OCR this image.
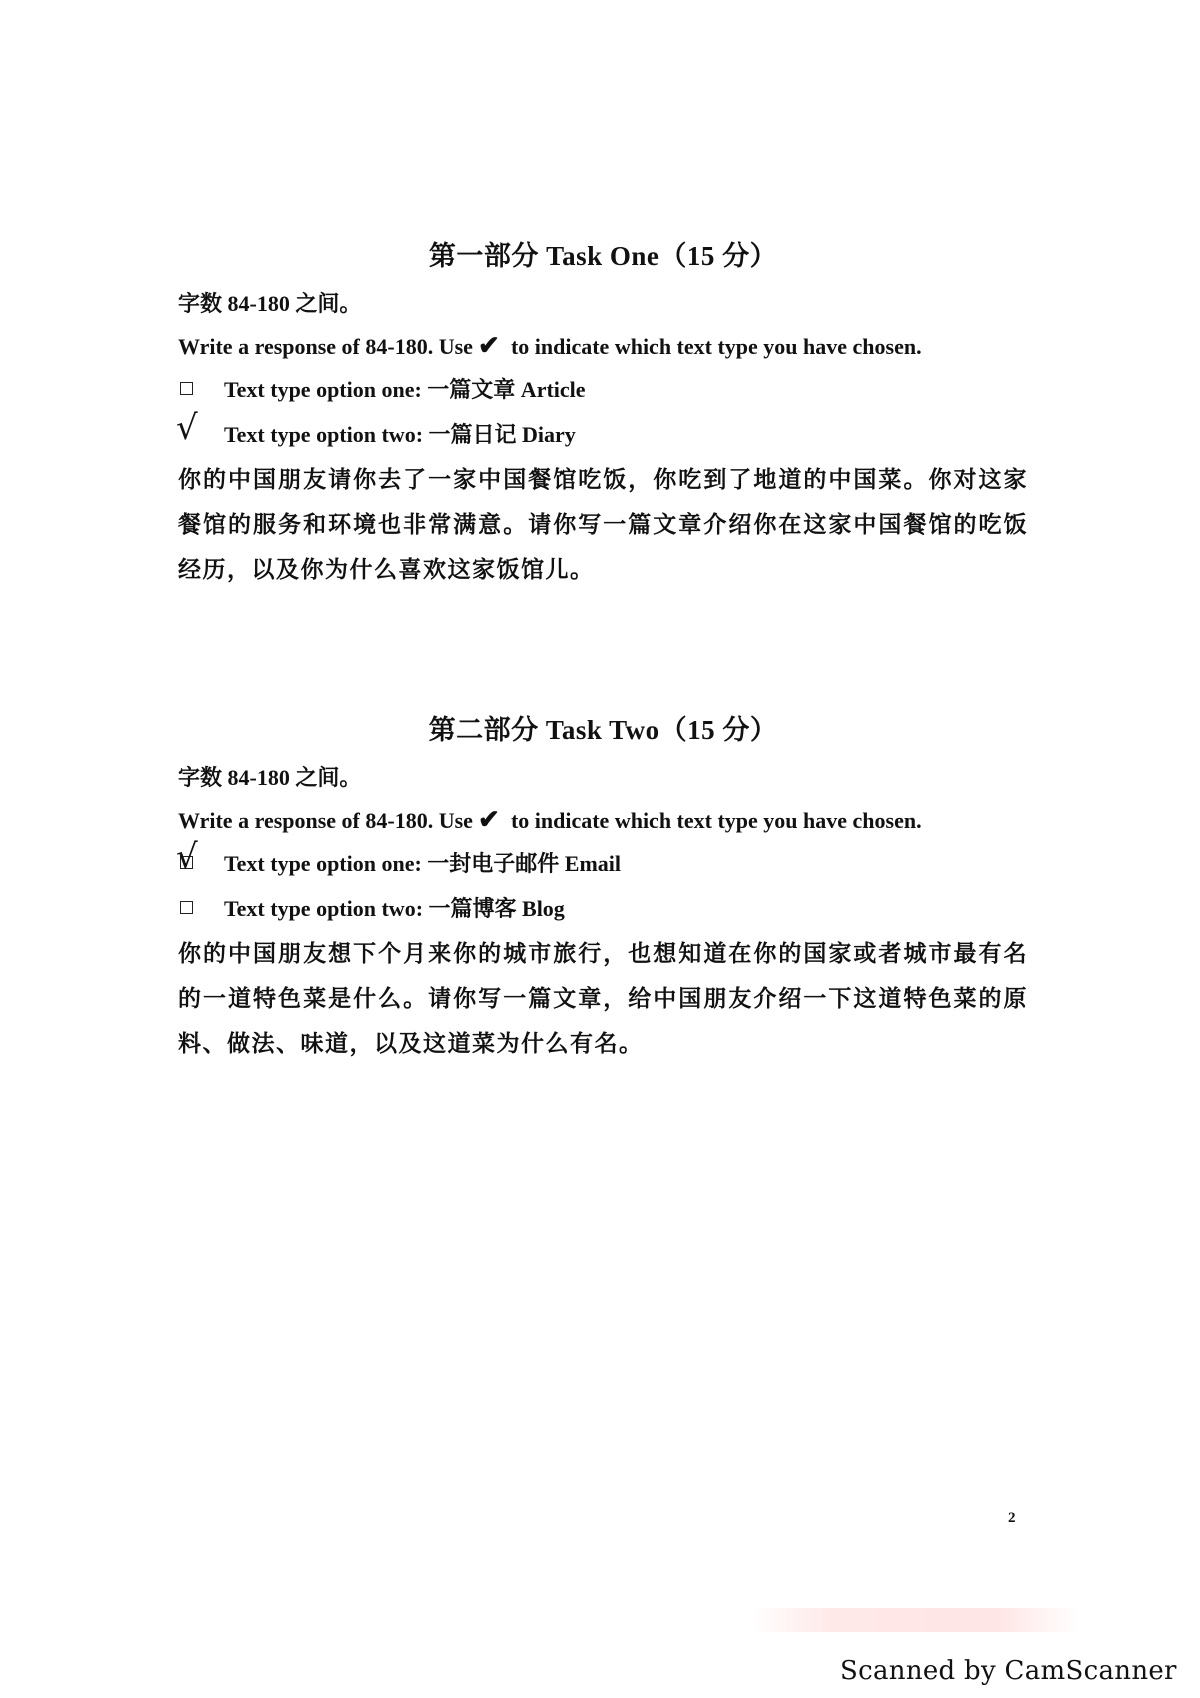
第一部分 Task One（15 分）
字数 84-180 之间。
Write a response of 84-180. Use ✔ to indicate which text type you have chosen.
Text type option one: 一篇文章 Article
√ Text type option two: 一篇日记 Diary
你的中国朋友请你去了一家中国餐馆吃饭，你吃到了地道的中国菜。你对这家餐馆的服务和环境也非常满意。请你写一篇文章介绍你在这家中国餐馆的吃饭经历，以及你为什么喜欢这家饭馆儿。
第二部分 Task Two（15 分）
字数 84-180 之间。
Write a response of 84-180. Use ✔ to indicate which text type you have chosen.
√ Text type option one: 一封电子邮件 Email
Text type option two: 一篇博客 Blog
你的中国朋友想下个月来你的城市旅行，也想知道在你的国家或者城市最有名的一道特色菜是什么。请你写一篇文章，给中国朋友介绍一下这道特色菜的原料、做法、味道，以及这道菜为什么有名。
2
Scanned by CamScanner
